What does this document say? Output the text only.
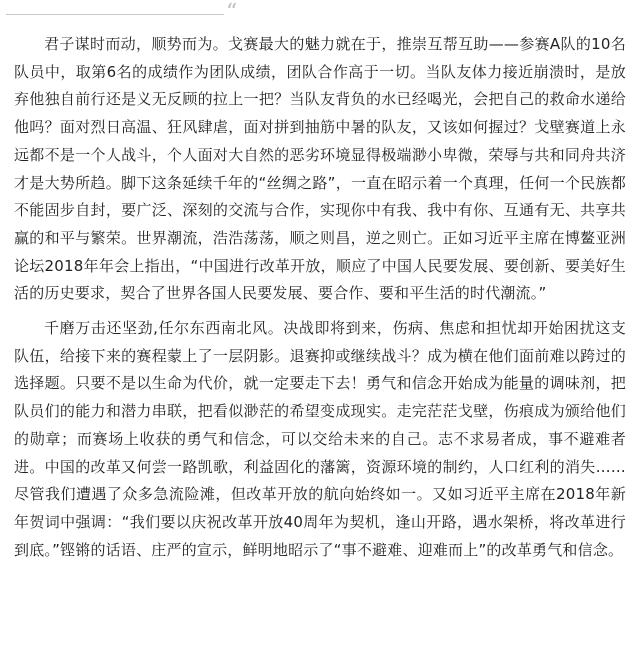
“

君子谋时而动，顺势而为。戈赛最大的魅力就在于，推崇互帮互助——参赛A队的10名队员中，取第6名的成绩作为团队成绩，团队合作高于一切。当队友体力接近崩溃时，是放弃他独自前行还是义无反顾的拉上一把？当队友背负的水已经喝光，会把自己的救命水递给他吗？面对烈日高温、狂风肆虐，面对拼到抽筋中暑的队友，又该如何握过？戈壁赛道上永远都不是一个人战斗，个人面对大自然的恶劣环境显得极端渺小卑微，荣辱与共和同舟共济才是大势所趋。脚下这条延续千年的“丝绸之路”，一直在昭示着一个真理，任何一个民族都不能固步自封，要广泛、深刻的交流与合作，实现你中有我、我中有你、互通有无、共享共赢的和平与繁荣。世界潮流，浩浩荡荡，顺之则昌，逆之则亡。正如习近平主席在博鳌亚洲论坛2018年年会上指出，“中国进行改革开放，顺应了中国人民要发展、要创新、要美好生活的历史要求，契合了世界各国人民要发展、要合作、要和平生活的时代潮流。”

千磨万击还坚劲,任尔东西南北风。决战即将到来，伤病、焦虑和担忧却开始困扰这支队伍，给接下来的赛程蒙上了一层阴影。退赛抑或继续战斗？成为横在他们面前难以跨过的选择题。只要不是以生命为代价，就一定要走下去！勇气和信念开始成为能量的调味剂，把队员们的能力和潜力串联，把看似渺茫的希望变成现实。走完茫茫戈壁，伤痕成为颁给他们的勋章；而赛场上收获的勇气和信念，可以交给未来的自己。志不求易者成，事不避难者进。中国的改革又何尝一路凯歌，利益固化的藩篱，资源环境的制约，人口红利的消失……尽管我们遭遇了众多急流险滩，但改革开放的航向始终如一。又如习近平主席在2018年新年贺词中强调：“我们要以庆祝改革开放40周年为契机，逢山开路，遇水架桥，将改革进行到底。”铿锵的话语、庄严的宣示，鲜明地昭示了“事不避难、迎难而上”的改革勇气和信念。
